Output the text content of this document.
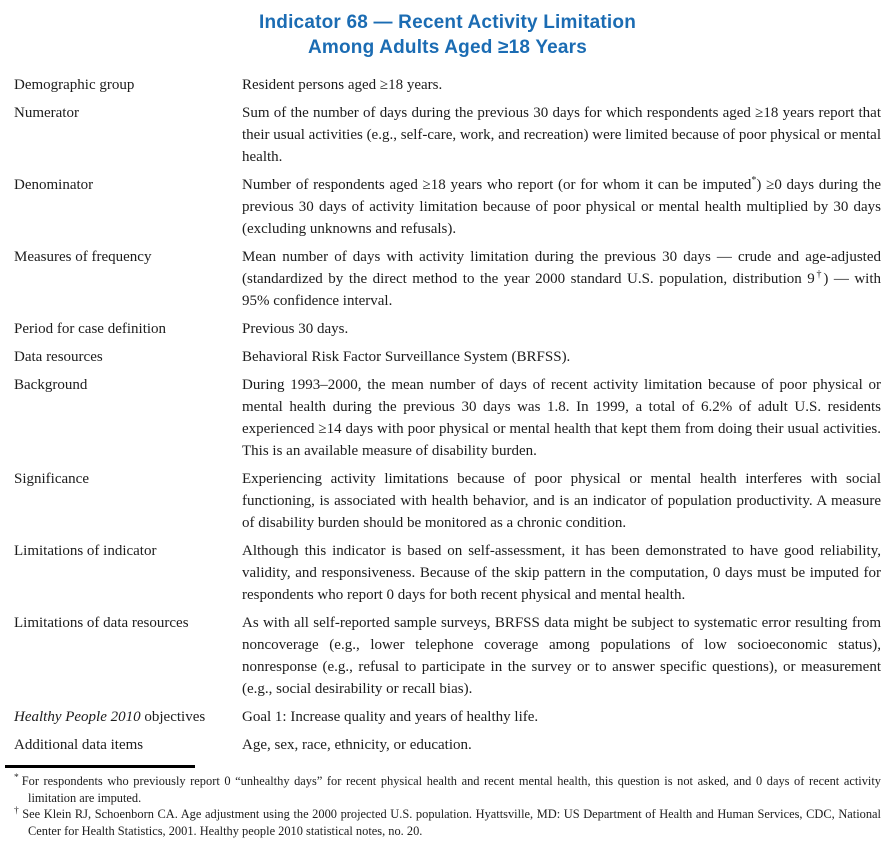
Indicator 68 — Recent Activity Limitation
Among Adults Aged ≥18 Years
Demographic group	Resident persons aged ≥18 years.
Numerator	Sum of the number of days during the previous 30 days for which respondents aged ≥18 years report that their usual activities (e.g., self-care, work, and recreation) were limited because of poor physical or mental health.
Denominator	Number of respondents aged ≥18 years who report (or for whom it can be imputed*) ≥0 days during the previous 30 days of activity limitation because of poor physical or mental health multiplied by 30 days (excluding unknowns and refusals).
Measures of frequency	Mean number of days with activity limitation during the previous 30 days — crude and age-adjusted (standardized by the direct method to the year 2000 standard U.S. population, distribution 9†) — with 95% confidence interval.
Period for case definition	Previous 30 days.
Data resources	Behavioral Risk Factor Surveillance System (BRFSS).
Background	During 1993–2000, the mean number of days of recent activity limitation because of poor physical or mental health during the previous 30 days was 1.8. In 1999, a total of 6.2% of adult U.S. residents experienced ≥14 days with poor physical or mental health that kept them from doing their usual activities. This is an available measure of disability burden.
Significance	Experiencing activity limitations because of poor physical or mental health interferes with social functioning, is associated with health behavior, and is an indicator of population productivity. A measure of disability burden should be monitored as a chronic condition.
Limitations of indicator	Although this indicator is based on self-assessment, it has been demonstrated to have good reliability, validity, and responsiveness. Because of the skip pattern in the computation, 0 days must be imputed for respondents who report 0 days for both recent physical and mental health.
Limitations of data resources	As with all self-reported sample surveys, BRFSS data might be subject to systematic error resulting from noncoverage (e.g., lower telephone coverage among populations of low socioeconomic status), nonresponse (e.g., refusal to participate in the survey or to answer specific questions), or measurement (e.g., social desirability or recall bias).
Healthy People 2010 objectives	Goal 1: Increase quality and years of healthy life.
Additional data items	Age, sex, race, ethnicity, or education.
* For respondents who previously report 0 “unhealthy days” for recent physical health and recent mental health, this question is not asked, and 0 days of recent activity limitation are imputed.
† See Klein RJ, Schoenborn CA. Age adjustment using the 2000 projected U.S. population. Hyattsville, MD: US Department of Health and Human Services, CDC, National Center for Health Statistics, 2001. Healthy people 2010 statistical notes, no. 20.
